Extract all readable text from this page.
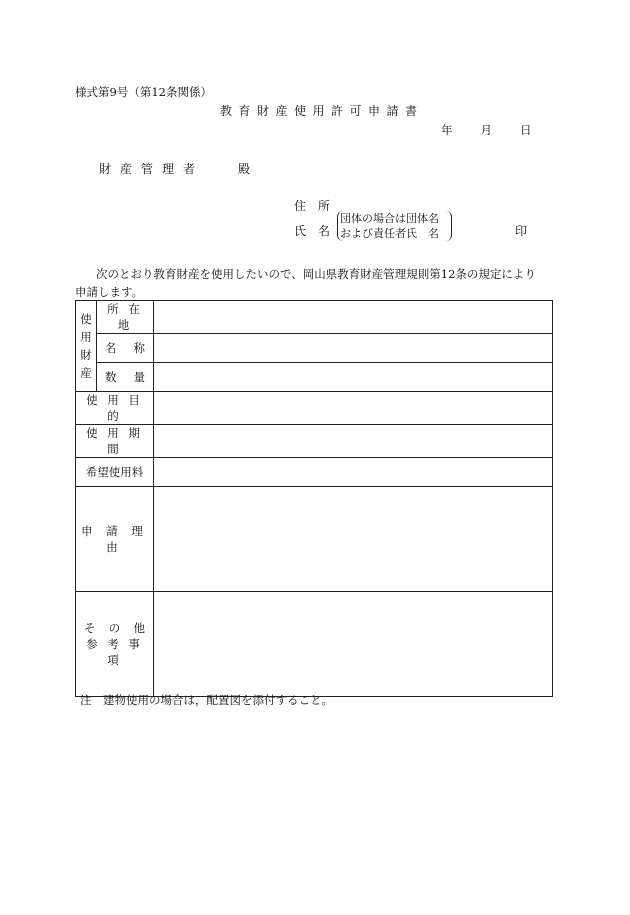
様式第9号（第12条関係）
教育財産使用許可申請書
年 月 日
財産管理者	殿
住　所
氏　名
団体の場合は団体名
および責任者氏　名	印
次のとおり教育財産を使用したいので、岡山県教育財産管理規則第12条の規定により
申請します。
使
用
財
産	所 在 地	

	名 称	

	数 量	

使 用 目 的		
使 用 期 間		
希望使用料		
申 請 理 由		

そ の 他
参 考 事 項		

注　建物使用の場合は，配置図を添付すること。
